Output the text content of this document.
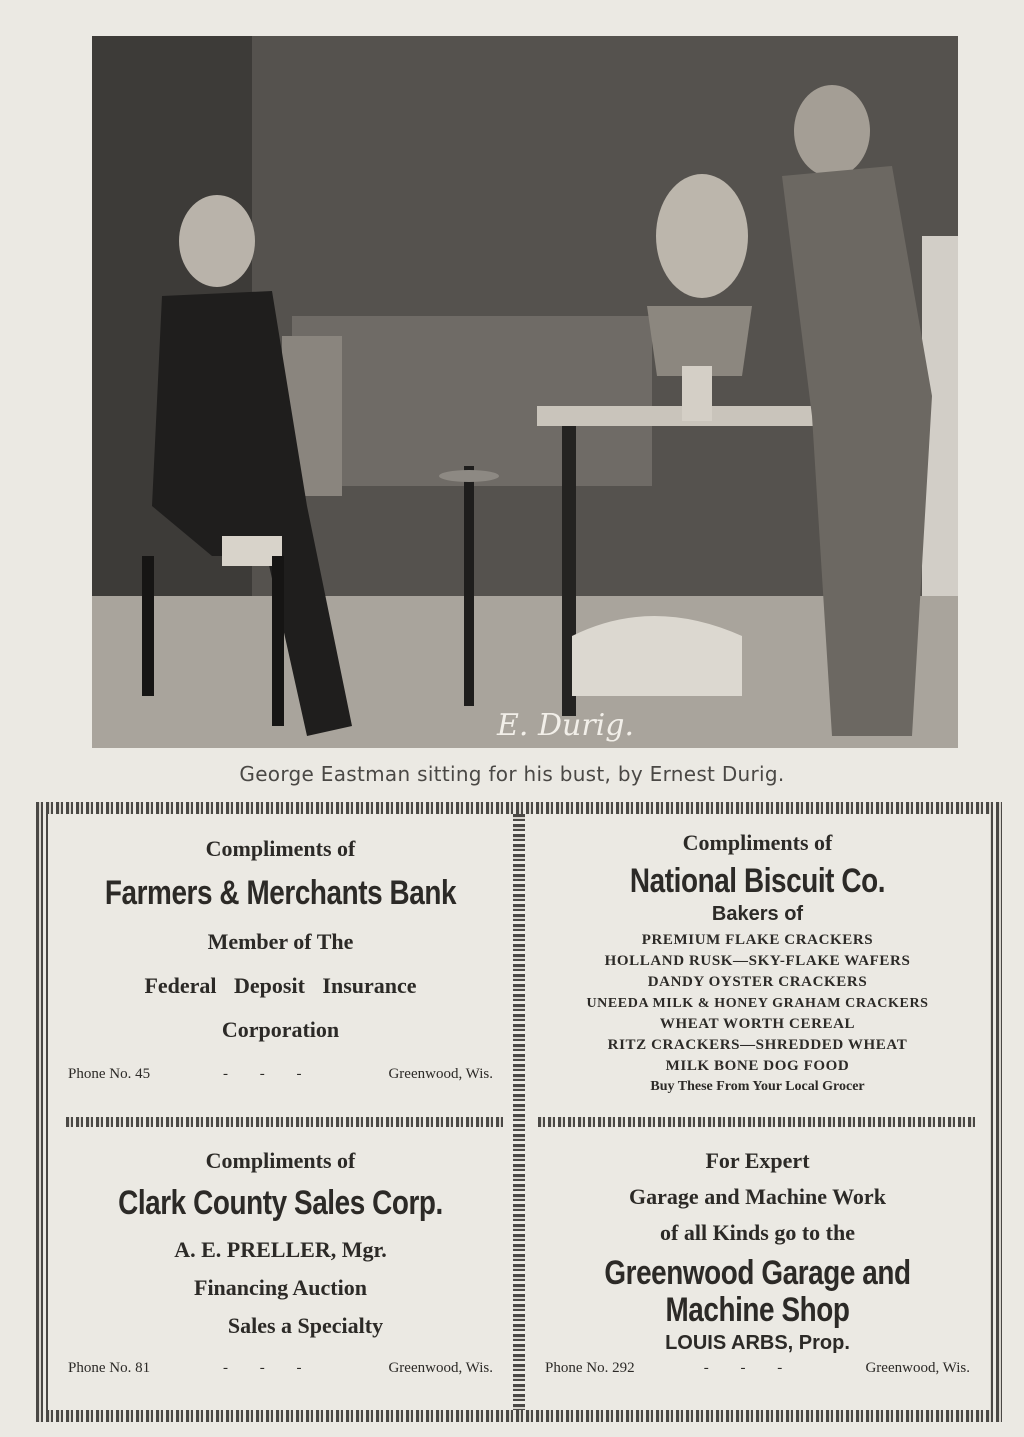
E. Durig.
George Eastman sitting for his bust, by Ernest Durig.

Compliments of

Farmers & Merchants Bank

Member of The

Federal Deposit Insurance

Corporation

Phone No. 45	- - -	Greenwood, Wis.

Compliments of

National Biscuit Co.

Bakers of

PREMIUM FLAKE CRACKERS

HOLLAND RUSK—SKY-FLAKE WAFERS

DANDY OYSTER CRACKERS

UNEEDA MILK & HONEY GRAHAM CRACKERS

WHEAT WORTH CEREAL

RITZ CRACKERS—SHREDDED WHEAT

MILK BONE DOG FOOD

Buy These From Your Local Grocer

Compliments of

Clark County Sales Corp.

A. E. PRELLER, Mgr.

Financing Auction

Sales a Specialty

Phone No. 81	- - -	Greenwood, Wis.

For Expert

Garage and Machine Work

of all Kinds go to the

Greenwood Garage and

Machine Shop

LOUIS ARBS, Prop.

Phone No. 292	- - -	Greenwood, Wis.
